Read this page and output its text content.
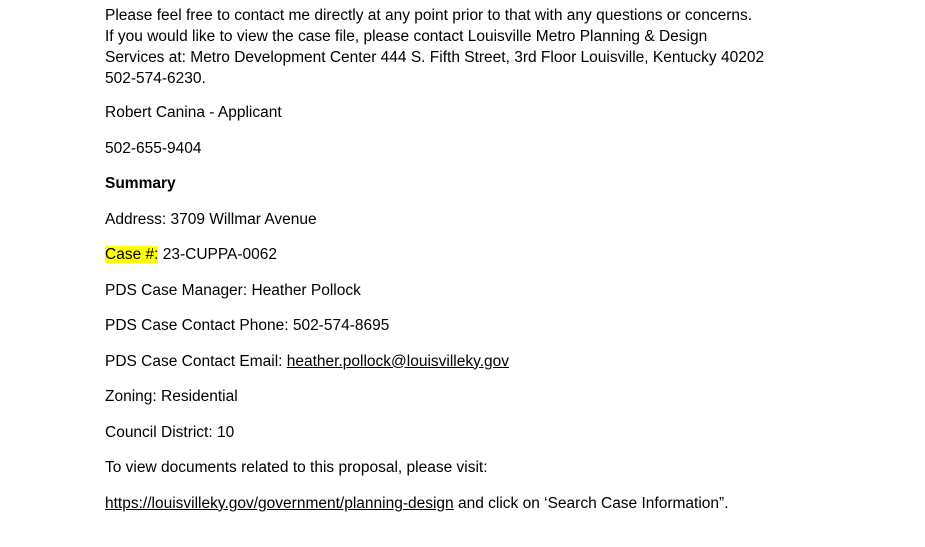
Please feel free to contact me directly at any point prior to that with any questions or concerns.
If you would like to view the case file, please contact Louisville Metro Planning & Design
Services at: Metro Development Center 444 S. Fifth Street, 3rd Floor Louisville, Kentucky 40202
502-574-6230.
Robert Canina - Applicant
502-655-9404
Summary
Address: 3709 Willmar Avenue
Case #: 23-CUPPA-0062
PDS Case Manager: Heather Pollock
PDS Case Contact Phone: 502-574-8695
PDS Case Contact Email: heather.pollock@louisvilleky.gov
Zoning: Residential
Council District: 10
To view documents related to this proposal, please visit:
https://louisvilleky.gov/government/planning-design and click on ‘Search Case Information”.
